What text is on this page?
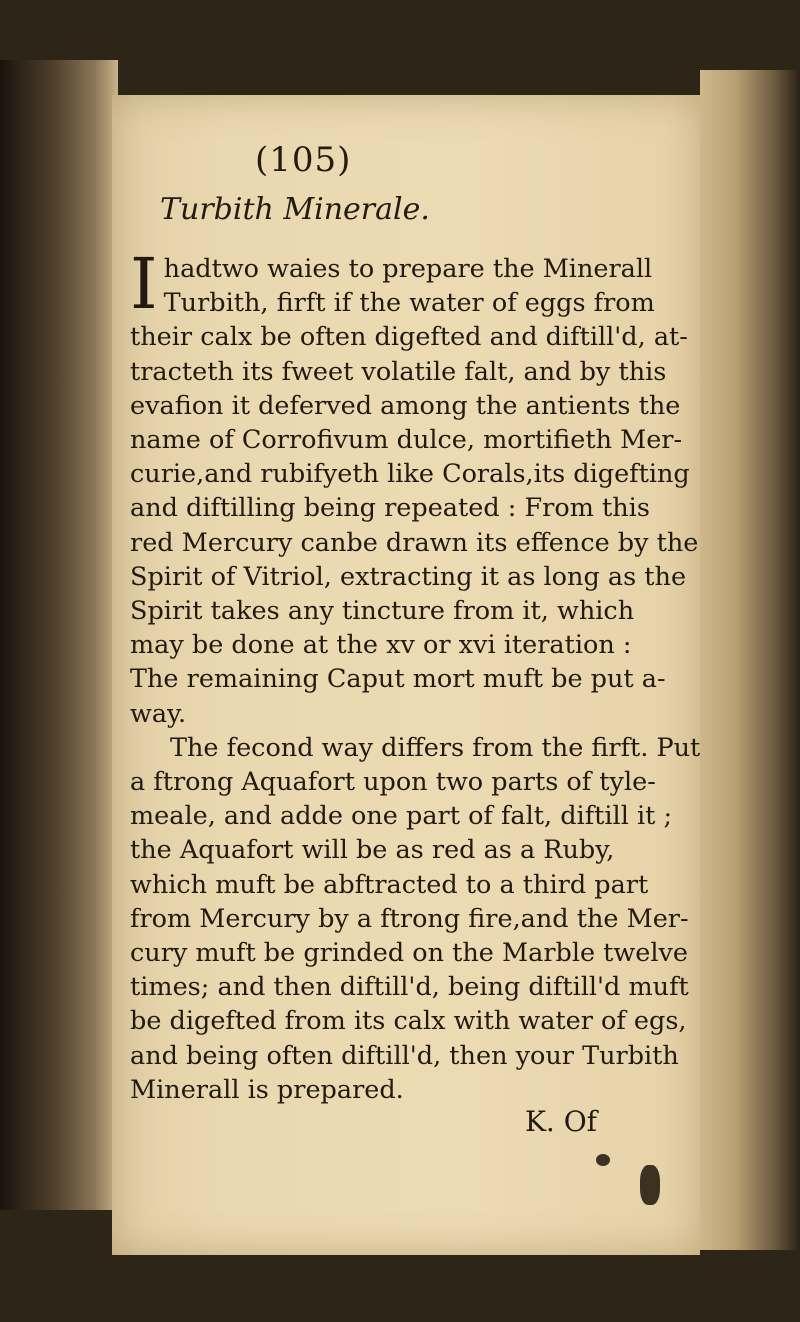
(105)
Turbith Minerale.
I hadtwo waies to prepare the Minerall
Turbith, firft if the water of eggs from
their calx be often digefted and diftill'd, at-
tracteth its fweet volatile falt, and by this
evafion it deferved among the antients the
name of Corrofivum dulce, mortifieth Mer-
curie,and rubifyeth like Corals,its digefting
and diftilling being repeated : From this
red Mercury canbe drawn its effence by the
Spirit of Vitriol, extracting it as long as the
Spirit takes any tincture from it, which
may be done at the xv or xvi iteration :
The remaining Caput mort muft be put a-
way.
The fecond way differs from the firft. Put
a ftrong Aquafort upon two parts of tyle-
meale, and adde one part of falt, diftill it ;
the Aquafort will be as red as a Ruby,
which muft be abftracted to a third part
from Mercury by a ftrong fire,and the Mer-
cury muft be grinded on the Marble twelve
times; and then diftill'd, being diftill'd muft
be digefted from its calx with water of egs,
and being often diftill'd, then your Turbith
Minerall is prepared.
K. Of
